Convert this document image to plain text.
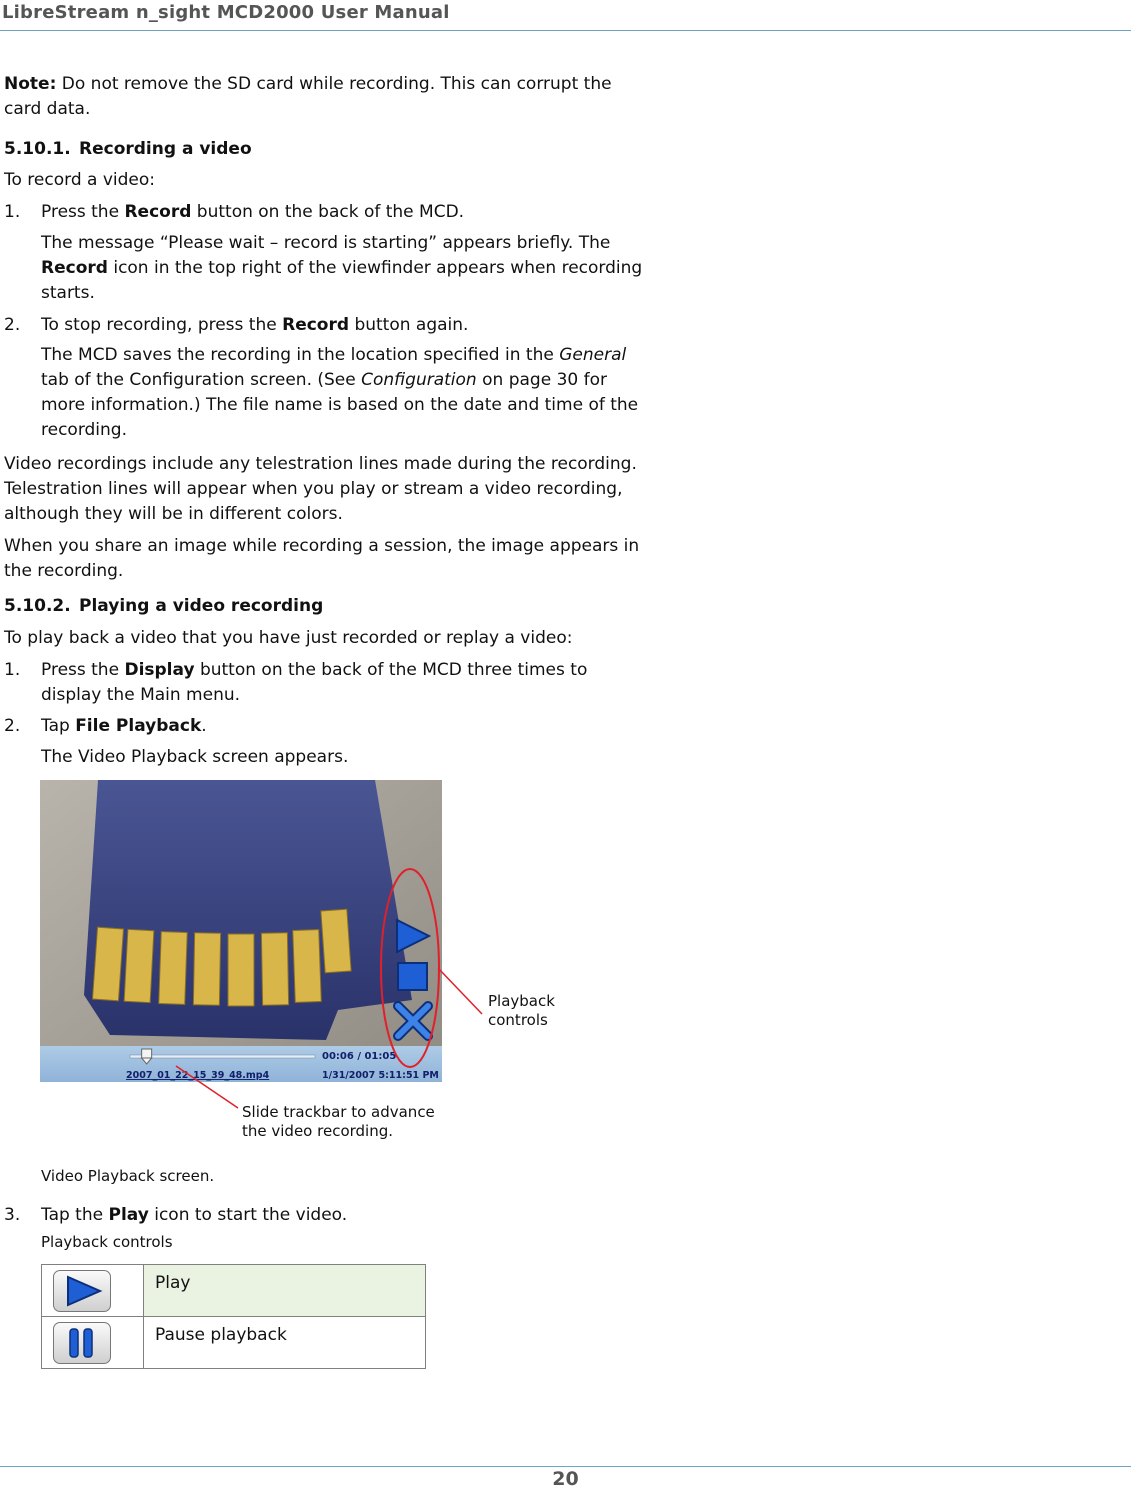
LibreStream n_sight MCD2000 User Manual

Note: Do not remove the SD card while recording. This can corrupt the
card data.

5.10.1. Recording a video

To record a video:

1. Press the Record button on the back of the MCD.

The message “Please wait – record is starting” appears briefly. The
Record icon in the top right of the viewfinder appears when recording
starts.

2. To stop recording, press the Record button again.

The MCD saves the recording in the location specified in the General
tab of the Configuration screen. (See Configuration on page 30 for
more information.) The file name is based on the date and time of the
recording.

Video recordings include any telestration lines made during the recording.
Telestration lines will appear when you play or stream a video recording,
although they will be in different colors.

When you share an image while recording a session, the image appears in
the recording.

5.10.2. Playing a video recording

To play back a video that you have just recorded or replay a video:

1. Press the Display button on the back of the MCD three times to
display the Main menu.

2. Tap File Playback.

The Video Playback screen appears.

00:06 / 01:05
2007_01_22_15_39_48.mp4	1/31/2007 5:11:51 PM
Playback
controls
Slide trackbar to advance
the video recording.
Video Playback screen.

3. Tap the Play icon to start the video.

Playback controls
	Play

	Pause playback
20
